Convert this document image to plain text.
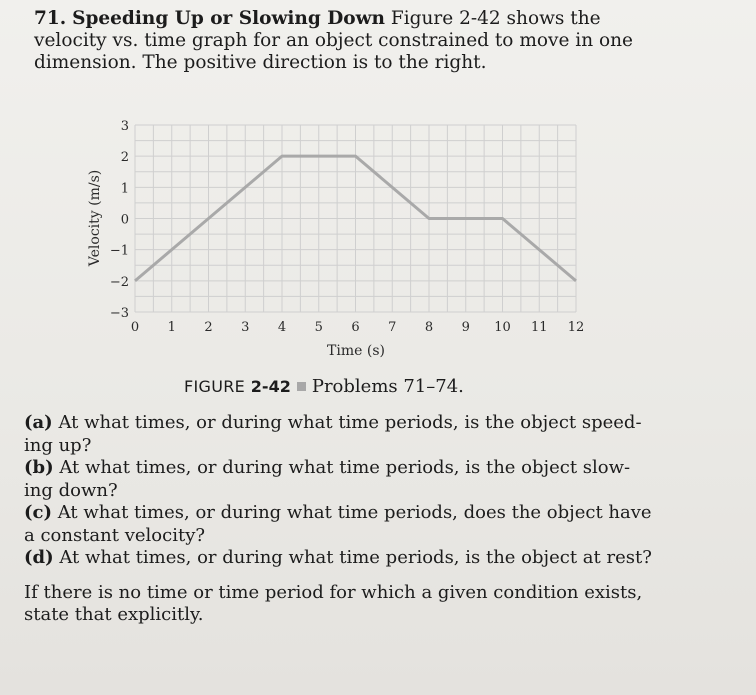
71. Speeding Up or Slowing Down Figure 2-42 shows the velocity vs. time graph for an object constrained to move in one dimension. The positive direction is to the right.
3
2
1
0
−1
−2
−3
0 1 2 3 4 5 6 7 8 9 10 11 12
Velocity (m/s)
Time (s)
FIGURE 2-42 Problems 71–74.

(a) At what times, or during what time periods, is the object speed-ing up?

(b) At what times, or during what time periods, is the object slow-ing down?

(c) At what times, or during what time periods, does the object have a constant velocity?

(d) At what times, or during what time periods, is the object at rest?

If there is no time or time period for which a given condition exists, state that explicitly.
